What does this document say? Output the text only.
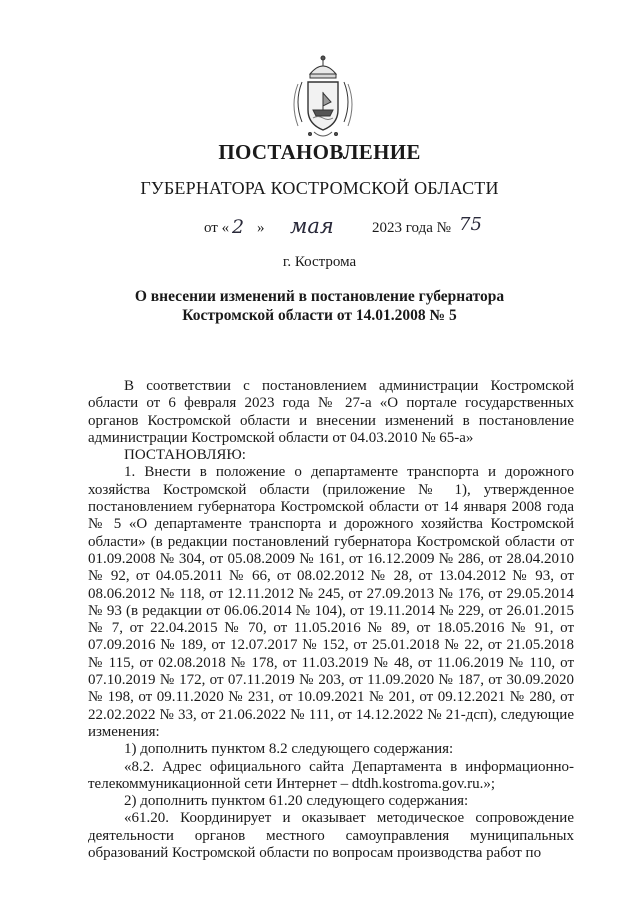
ПОСТАНОВЛЕНИЕ
ГУБЕРНАТОРА КОСТРОМСКОЙ ОБЛАСТИ
от « 2 » мая	2023 года № 75
г. Кострома
О внесении изменений в постановление губернатора
Костромской области от 14.01.2008 № 5

В соответствии с постановлением администрации Костромской области от 6 февраля 2023 года № 27-а «О портале государственных органов Костромской области и внесении изменений в постановление администрации Костромской области от 04.03.2010 № 65-а»

ПОСТАНОВЛЯЮ:

1. Внести в положение о департаменте транспорта и дорожного хозяйства Костромской области (приложение № 1), утвержденное постановлением губернатора Костромской области от 14 января 2008 года № 5 «О департаменте транспорта и дорожного хозяйства Костромской области» (в редакции постановлений губернатора Костромской области от 01.09.2008 № 304, от 05.08.2009 № 161, от 16.12.2009 № 286, от 28.04.2010 № 92, от 04.05.2011 № 66, от 08.02.2012 № 28, от 13.04.2012 № 93, от 08.06.2012 № 118, от 12.11.2012 № 245, от 27.09.2013 № 176, от 29.05.2014 № 93 (в редакции от 06.06.2014 № 104), от 19.11.2014 № 229, от 26.01.2015 № 7, от 22.04.2015 № 70, от 11.05.2016 № 89, от 18.05.2016 № 91, от 07.09.2016 № 189, от 12.07.2017 № 152, от 25.01.2018 № 22, от 21.05.2018 № 115, от 02.08.2018 № 178, от 11.03.2019 № 48, от 11.06.2019 № 110, от 07.10.2019 № 172, от 07.11.2019 № 203, от 11.09.2020 № 187, от 30.09.2020 № 198, от 09.11.2020 № 231, от 10.09.2021 № 201, от 09.12.2021 № 280, от 22.02.2022 № 33, от 21.06.2022 № 111, от 14.12.2022 № 21-дсп), следующие изменения:

1) дополнить пунктом 8.2 следующего содержания:

«8.2. Адрес официального сайта Департамента в информационно-телекоммуникационной сети Интернет – dtdh.kostroma.gov.ru.»;

2) дополнить пунктом 61.20 следующего содержания:

«61.20. Координирует и оказывает методическое сопровождение деятельности органов местного самоуправления муниципальных образований Костромской области по вопросам производства работ по
